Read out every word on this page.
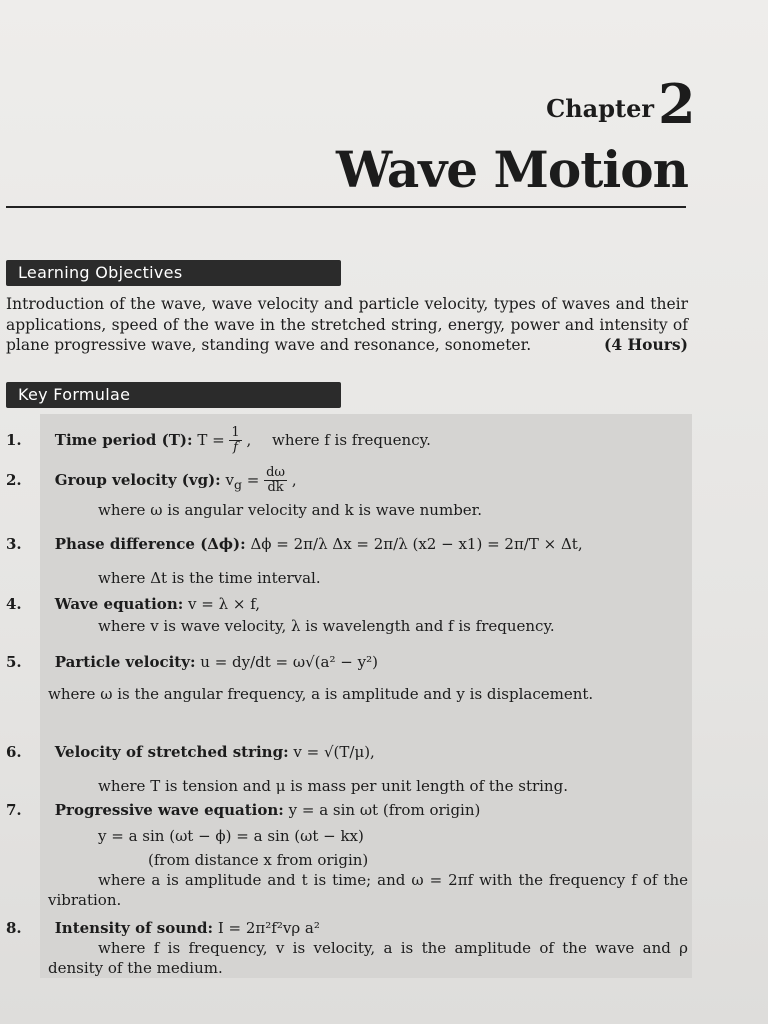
Chapter 2
Wave Motion
Learning Objectives
Introduction of the wave, wave velocity and particle velocity, types of waves and their applications, speed of the wave in the stretched string, energy, power and intensity of plane progressive wave, standing wave and resonance, sonometer.	(4 Hours)
Key Formulae
1. Time period (T): $T = \frac{1}{f}$ , where f is frequency.
2. Group velocity (vg): $v_g = \frac{d\omega}{dk}$ ,
where ω is angular velocity and k is wave number.
3. Phase difference (Δϕ): Δϕ = 2π/λ Δx = 2π/λ (x2 − x1) = 2π/T × Δt,
where Δt is the time interval.
4. Wave equation: v = λ × f,
where v is wave velocity, λ is wavelength and f is frequency.
5. Particle velocity: u = dy/dt = ω√(a² − y²)
where ω is the angular frequency, a is amplitude and y is displacement.
6. Velocity of stretched string: v = √(T/μ),
where T is tension and μ is mass per unit length of the string.
7. Progressive wave equation: y = a sin ωt (from origin)
y = a sin (ωt − ϕ) = a sin (ωt − kx)
(from distance x from origin)
where a is amplitude and t is time; and ω = 2πf with the frequency f of the vibration.
8. Intensity of sound: I = 2π²f²vρ a²
where f is frequency, v is velocity, a is the amplitude of the wave and ρ density of the medium.
